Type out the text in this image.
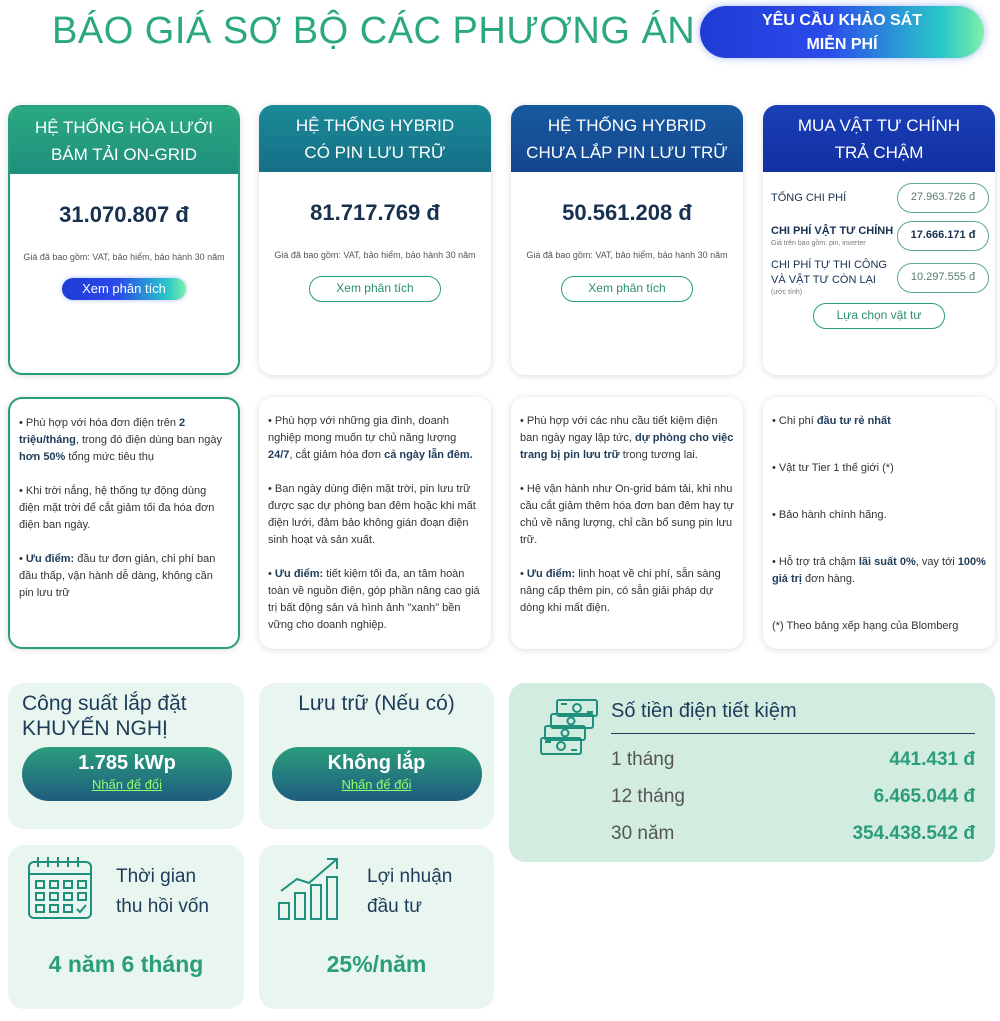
BÁO GIÁ SƠ BỘ CÁC PHƯƠNG ÁN	YÊU CẦU KHẢO SÁT
MIỄN PHÍ
HỆ THỐNG HÒA LƯỚI
BÁM TẢI ON-GRID
31.070.807 đ
Giá đã bao gồm: VAT, bảo hiểm, bảo hành 30 năm
Xem phân tích
HỆ THỐNG HYBRID
CÓ PIN LƯU TRỮ
81.717.769 đ
Giá đã bao gồm: VAT, bảo hiểm, bảo hành 30 năm
Xem phân tích
HỆ THỐNG HYBRID
CHƯA LẮP PIN LƯU TRỮ
50.561.208 đ
Giá đã bao gồm: VAT, bảo hiểm, bảo hành 30 năm
Xem phân tích
MUA VẬT TƯ CHÍNH
TRẢ CHẬM
TỔNG CHI PHÍ	27.963.726 đ
CHI PHÍ VẬT TƯ CHÍNH
Giá trên bao gồm: pin, inverter
17.666.171 đ
CHI PHÍ TỰ THI CÔNG
VÀ VẬT TƯ CÒN LẠI
(ước tính)
10.297.555 đ
Lựa chọn vật tư

• Phù hợp với hóa đơn điện trên 2 triệu/tháng, trong đó điện dùng ban ngày hơn 50% tổng mức tiêu thụ

• Khi trời nắng, hệ thống tự động dùng điện mặt trời để cắt giảm tối đa hóa đơn điện ban ngày.

• Ưu điểm: đầu tư đơn giản, chi phí ban đầu thấp, vận hành dễ dàng, không cần pin lưu trữ

• Phù hợp với những gia đình, doanh nghiệp mong muốn tự chủ năng lượng 24/7, cắt giảm hóa đơn cả ngày lẫn đêm.

• Ban ngày dùng điện mặt trời, pin lưu trữ được sạc dự phòng ban đêm hoặc khi mất điện lưới, đảm bảo không gián đoạn điện sinh hoạt và sản xuất.

• Ưu điểm: tiết kiệm tối đa, an tâm hoàn toàn về nguồn điện, góp phần nâng cao giá trị bất động sản và hình ảnh "xanh" bền vững cho doanh nghiệp.

• Phù hợp với các nhu cầu tiết kiệm điện ban ngày ngay lập tức, dự phòng cho việc trang bị pin lưu trữ trong tương lai.

• Hệ vận hành như On-grid bám tải, khi nhu cầu cắt giảm thêm hóa đơn ban đêm hay tự chủ về năng lượng, chỉ cần bổ sung pin lưu trữ.

• Ưu điểm: linh hoạt về chi phí, sẵn sàng nâng cấp thêm pin, có sẵn giải pháp dự dòng khi mất điện.

• Chi phí đầu tư rẻ nhất

• Vật tư Tier 1 thế giới (*)

• Bảo hành chính hãng.

• Hỗ trợ trả chậm lãi suất 0%, vay tới 100% giá trị đơn hàng.

(*) Theo bảng xếp hạng của Blomberg

Công suất lắp đặt
KHUYẾN NGHỊ
1.785 kWp
Nhấn để đổi
Lưu trữ (Nếu có)
Không lắp
Nhấn để đổi
Số tiền điện tiết kiệm
1 tháng	441.431 đ
12 tháng	6.465.044 đ
30 năm	354.438.542 đ
Thời gian
thu hồi vốn
4 năm 6 tháng
Lợi nhuận
đầu tư
25%/năm
